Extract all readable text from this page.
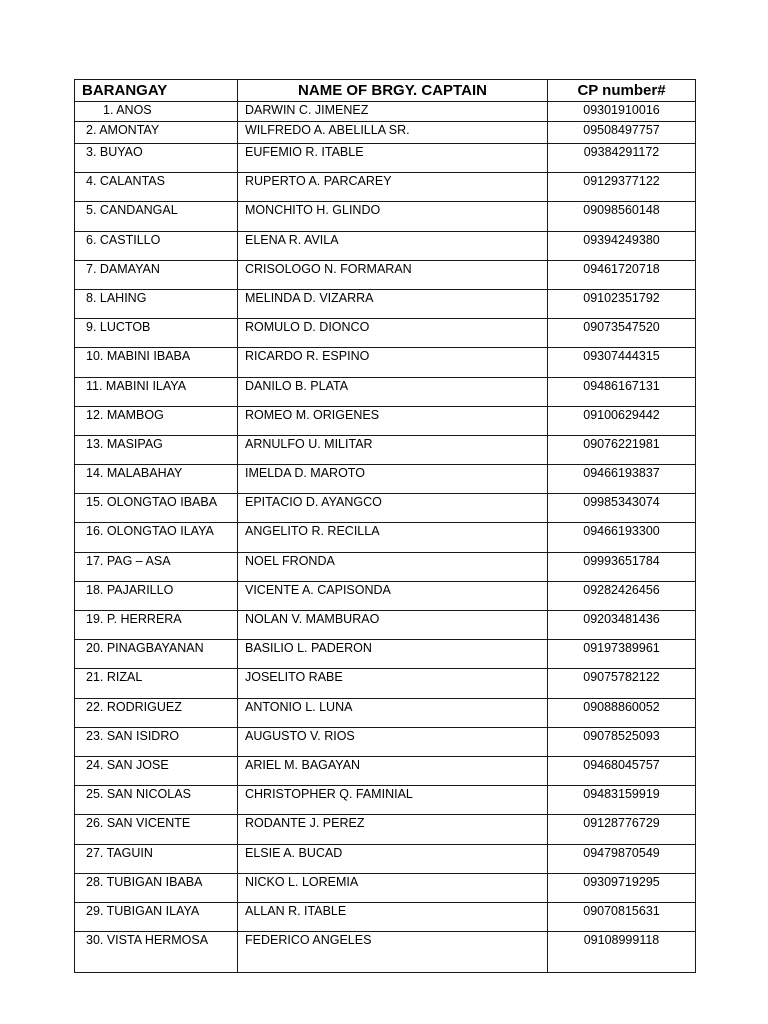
BARANGAY	NAME OF BRGY. CAPTAIN	CP number#
1. ANOS	DARWIN C. JIMENEZ	09301910016
2. AMONTAY	WILFREDO A. ABELILLA SR.	09508497757
3. BUYAO	EUFEMIO R. ITABLE	09384291172
4. CALANTAS	RUPERTO A. PARCAREY	09129377122
5. CANDANGAL	MONCHITO H. GLINDO	09098560148
6. CASTILLO	ELENA R. AVILA	09394249380
7. DAMAYAN	CRISOLOGO N. FORMARAN	09461720718
8. LAHING	MELINDA D. VIZARRA	09102351792
9. LUCTOB	ROMULO D. DIONCO	09073547520
10. MABINI IBABA	RICARDO R. ESPINO	09307444315
11. MABINI ILAYA	DANILO B. PLATA	09486167131
12. MAMBOG	ROMEO M. ORIGENES	09100629442
13. MASIPAG	ARNULFO U. MILITAR	09076221981
14. MALABAHAY	IMELDA D. MAROTO	09466193837
15. OLONGTAO IBABA	EPITACIO D. AYANGCO	09985343074
16. OLONGTAO ILAYA	ANGELITO R. RECILLA	09466193300
17. PAG – ASA	NOEL FRONDA	09993651784
18. PAJARILLO	VICENTE A. CAPISONDA	09282426456
19. P. HERRERA	NOLAN V. MAMBURAO	09203481436
20. PINAGBAYANAN	BASILIO L. PADERON	09197389961
21. RIZAL	JOSELITO RABE	09075782122
22. RODRIGUEZ	ANTONIO L. LUNA	09088860052
23. SAN ISIDRO	AUGUSTO V. RIOS	09078525093
24. SAN JOSE	ARIEL M. BAGAYAN	09468045757
25. SAN NICOLAS	CHRISTOPHER Q. FAMINIAL	09483159919
26. SAN VICENTE	RODANTE J. PEREZ	09128776729
27. TAGUIN	ELSIE A. BUCAD	09479870549
28. TUBIGAN IBABA	NICKO L. LOREMIA	09309719295
29. TUBIGAN ILAYA	ALLAN R. ITABLE	09070815631
30. VISTA HERMOSA	FEDERICO ANGELES	09108999118
